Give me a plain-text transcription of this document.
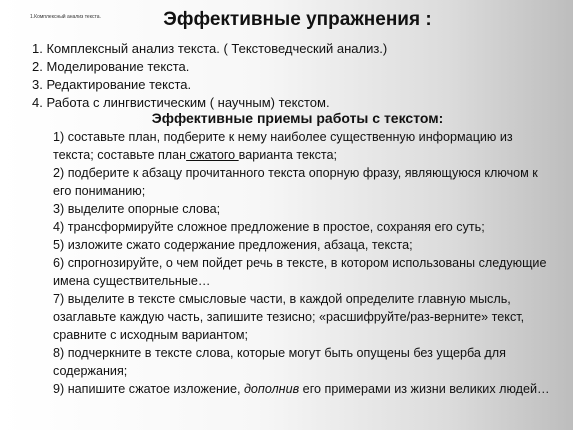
1.Комплексный анализ текста.	Эффективные упражнения :
1. Комплексный анализ текста. ( Текстоведческий анализ.)
2. Моделирование текста.
3. Редактирование текста.
4. Работа с лингвистическим ( научным) текстом.
Эффективные приемы работы с текстом:
1) составьте план, подберите к нему наиболее существенную информацию из текста; составьте план сжатого варианта текста;
2) подберите к абзацу прочитанного текста опорную фразу, являющуюся ключом к его пониманию;
3) выделите опорные слова;
4) трансформируйте сложное предложение в простое, сохраняя его суть;
5) изложите сжато содержание предложения, абзаца, текста;
6) спрогнозируйте, о чем пойдет речь в тексте, в котором использованы следующие имена существительные…
7) выделите в тексте смысловые части, в каждой определите главную мысль, озаглавьте каждую часть, запишите тезисно; «расшифруйте/раз-верните» текст, сравните с исходным вариантом;
8) подчеркните в тексте слова, которые могут быть опущены без ущерба для содержания;
9) напишите сжатое изложение, дополнив его примерами из жизни великих людей…
